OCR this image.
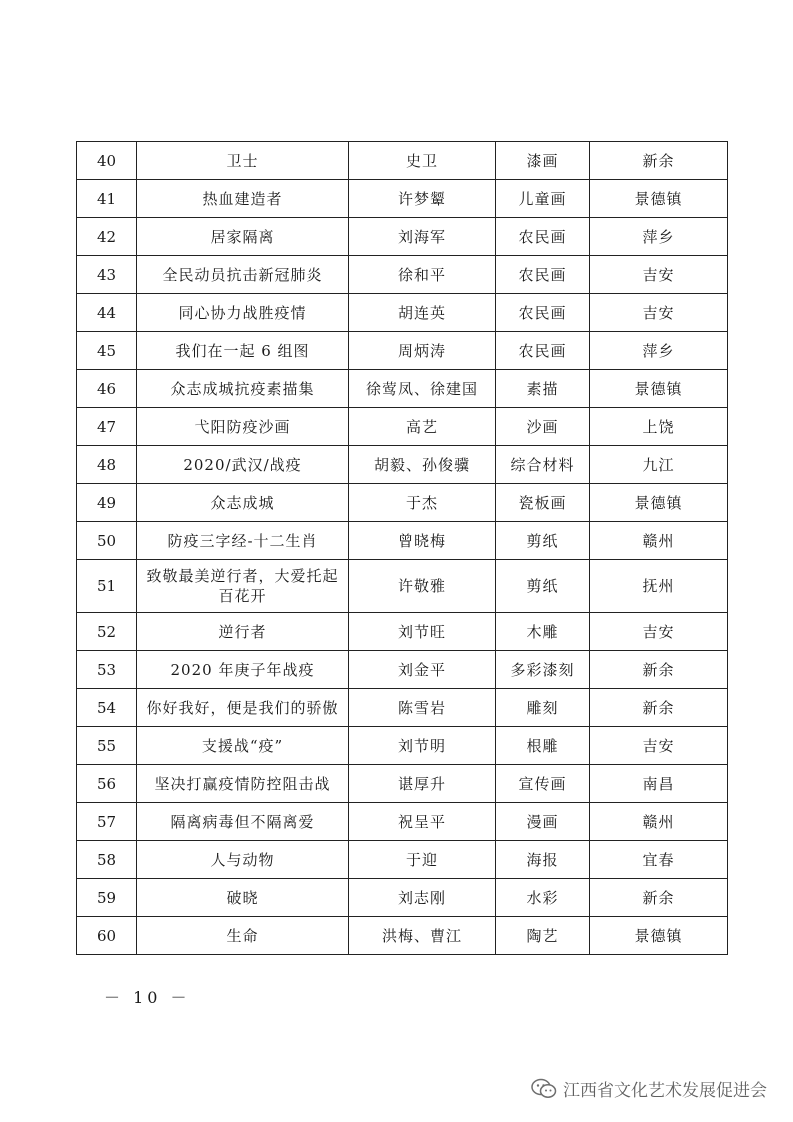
40	卫士	史卫	漆画	新余
41	热血建造者	许梦颦	儿童画	景德镇
42	居家隔离	刘海军	农民画	萍乡
43	全民动员抗击新冠肺炎	徐和平	农民画	吉安
44	同心协力战胜疫情	胡连英	农民画	吉安
45	我们在一起 6 组图	周炳涛	农民画	萍乡
46	众志成城抗疫素描集	徐莺凤、徐建国	素描	景德镇
47	弋阳防疫沙画	高艺	沙画	上饶
48	2020/武汉/战疫	胡毅、孙俊骥	综合材料	九江
49	众志成城	于杰	瓷板画	景德镇
50	防疫三字经-十二生肖	曾晓梅	剪纸	赣州
51	致敬最美逆行者，大爱托起百花开	许敬雅	剪纸	抚州
52	逆行者	刘节旺	木雕	吉安
53	2020 年庚子年战疫	刘金平	多彩漆刻	新余
54	你好我好，便是我们的骄傲	陈雪岩	雕刻	新余
55	支援战“疫”	刘节明	根雕	吉安
56	坚决打赢疫情防控阻击战	谌厚升	宣传画	南昌
57	隔离病毒但不隔离爱	祝呈平	漫画	赣州
58	人与动物	于迎	海报	宜春
59	破晓	刘志刚	水彩	新余
60	生命	洪梅、曹江	陶艺	景德镇
－ 10 －
江西省文化艺术发展促进会
